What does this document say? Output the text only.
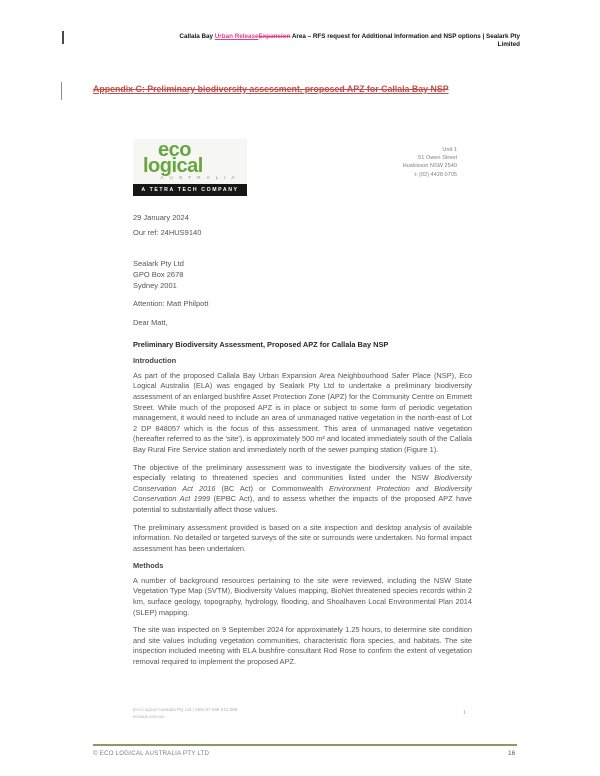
Callala Bay Urban ReleaseExpansion Area – RFS request for Additional Information and NSP options | Sealark Pty Limited
Appendix C: Preliminary biodiversity assessment, proposed APZ for Callala Bay NSP
eco
logical
A U S T R A L I A
A TETRA TECH COMPANY
Unit 1
51 Owen Street
Huskisson NSW 2540
t: (02) 4428 0705
29 January 2024
Our ref: 24HUS9140
Sealark Pty Ltd
GPO Box 2678
Sydney 2001
Attention: Matt Philpott
Dear Matt,
Preliminary Biodiversity Assessment, Proposed APZ for Callala Bay NSP
Introduction

As part of the proposed Callala Bay Urban Expansion Area Neighbourhood Safer Place (NSP), Eco Logical Australia (ELA) was engaged by Sealark Pty Ltd to undertake a preliminary biodiversity assessment of an enlarged bushfire Asset Protection Zone (APZ) for the Community Centre on Emmett Street. While much of the proposed APZ is in place or subject to some form of periodic vegetation management, it would need to include an area of unmanaged native vegetation in the north-east of Lot 2 DP 848057 which is the focus of this assessment. This area of unmanaged native vegetation (hereafter referred to as the 'site'), is approximately 500 m² and located immediately south of the Callala Bay Rural Fire Service station and immediately north of the sewer pumping station (Figure 1).

The objective of the preliminary assessment was to investigate the biodiversity values of the site, especially relating to threatened species and communities listed under the NSW Biodiversity Conservation Act 2016 (BC Act) or Commonwealth Environment Protection and Biodiversity Conservation Act 1999 (EPBC Act), and to assess whether the impacts of the proposed APZ have potential to substantially affect those values.

The preliminary assessment provided is based on a site inspection and desktop analysis of available information. No detailed or targeted surveys of the site or surrounds were undertaken. No formal impact assessment has been undertaken.

Methods

A number of background resources pertaining to the site were reviewed, including the NSW State Vegetation Type Map (SVTM), Biodiversity Values mapping, BioNet threatened species records within 2 km, surface geology, topography, hydrology, flooding, and Shoalhaven Local Environmental Plan 2014 (SLEP) mapping.

The site was inspected on 9 September 2024 for approximately 1.25 hours, to determine site condition and site values including vegetation communities, characteristic flora species, and habitats. The site inspection included meeting with ELA bushfire consultant Rod Rose to confirm the extent of vegetation removal required to implement the proposed APZ.

Eco Logical Australia Pty Ltd | ABN 87 096 512 088
ecoaus.com.au
1
© ECO LOGICAL AUSTRALIA PTY LTD	16
